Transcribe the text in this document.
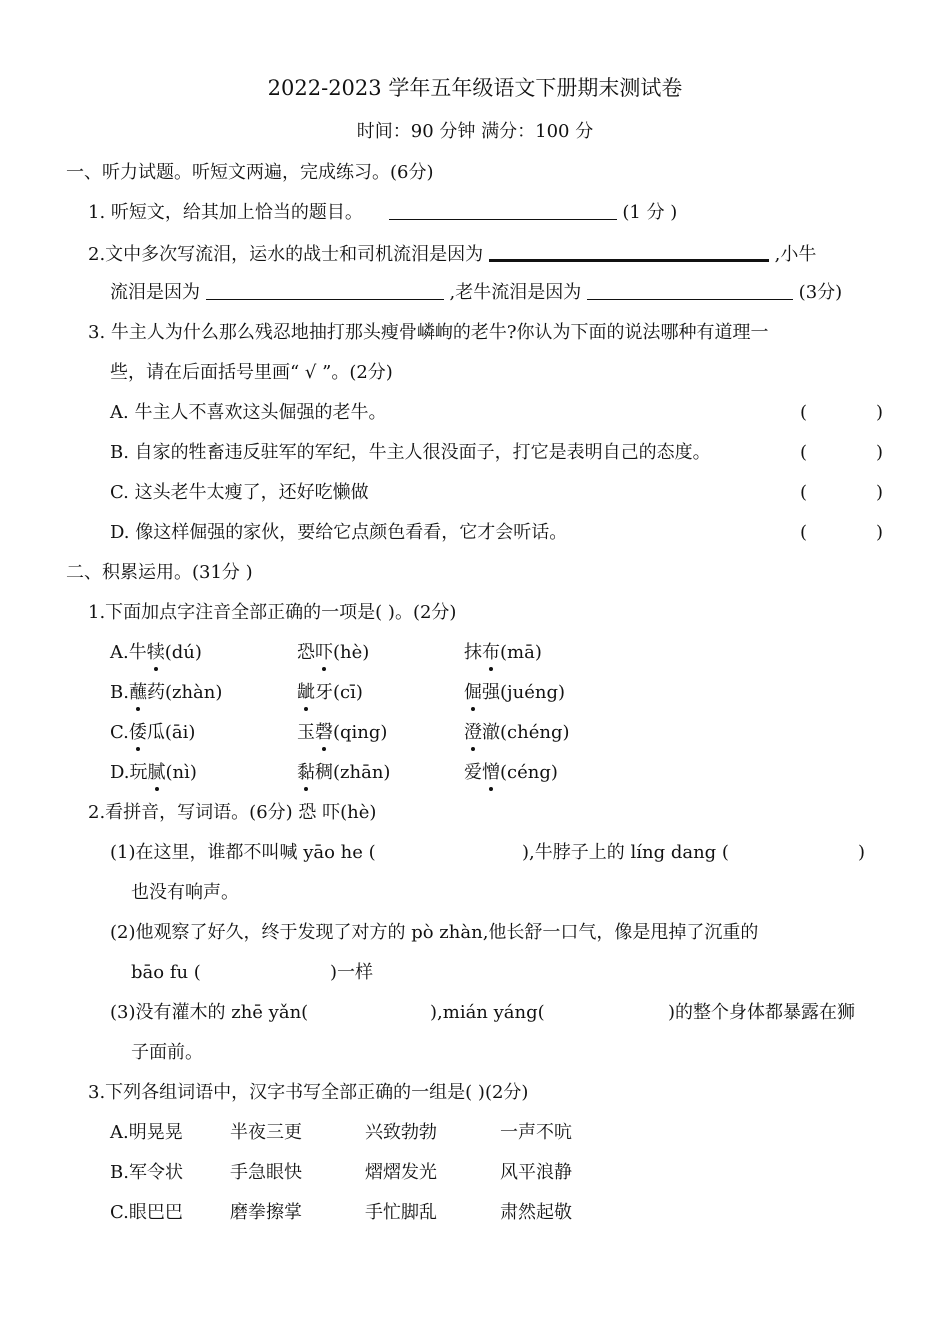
2022-2023 学年五年级语文下册期末测试卷
时间：90 分钟 满分：100 分
一、听力试题。听短文两遍，完成练习。(6分)
1. 听短文，给其加上恰当的题目。	(1 分 )
2.文中多次写流泪，运水的战士和司机流泪是因为	,小牛
流泪是因为	,老牛流泪是因为	(3分)
3. 牛主人为什么那么残忍地抽打那头瘦骨嶙峋的老牛?你认为下面的说法哪种有道理一
些，请在后面括号里画“ √ ”。(2分)
A. 牛主人不喜欢这头倔强的老牛。	(	)
B. 自家的牲畜违反驻军的军纪，牛主人很没面子，打它是表明自己的态度。	(	)
C. 这头老牛太瘦了，还好吃懒做	(	)
D. 像这样倔强的家伙，要给它点颜色看看，它才会听话。	(	)
二、积累运用。(31分 )
1.下面加点字注音全部正确的一项是( )。(2分)
A.牛犊(dú)	恐吓(hè)	抹布(mā)
B.蘸药(zhàn)	龇牙(cī)	倔强(juéng)
C.倭瓜(āi)	玉磬(qing)	澄澈(chéng)
D.玩腻(nì)	黏稠(zhān)	爱憎(céng)
2.看拼音，写词语。(6分) 恐 吓(hè)
(1)在这里，谁都不叫喊 yāo he (	),牛脖子上的 líng dang (	)
也没有响声。
(2)他观察了好久，终于发现了对方的 pò zhàn,他长舒一口气，像是甩掉了沉重的
bāo fu (	)一样
(3)没有灌木的 zhē yǎn(	),mián yáng(	)的整个身体都暴露在狮
子面前。
3.下列各组词语中，汉字书写全部正确的一组是( )(2分)
A.明晃晃	半夜三更	兴致勃勃	一声不吭
B.军令状	手急眼快	熠熠发光	风平浪静
C.眼巴巴	磨拳擦掌	手忙脚乱	肃然起敬
